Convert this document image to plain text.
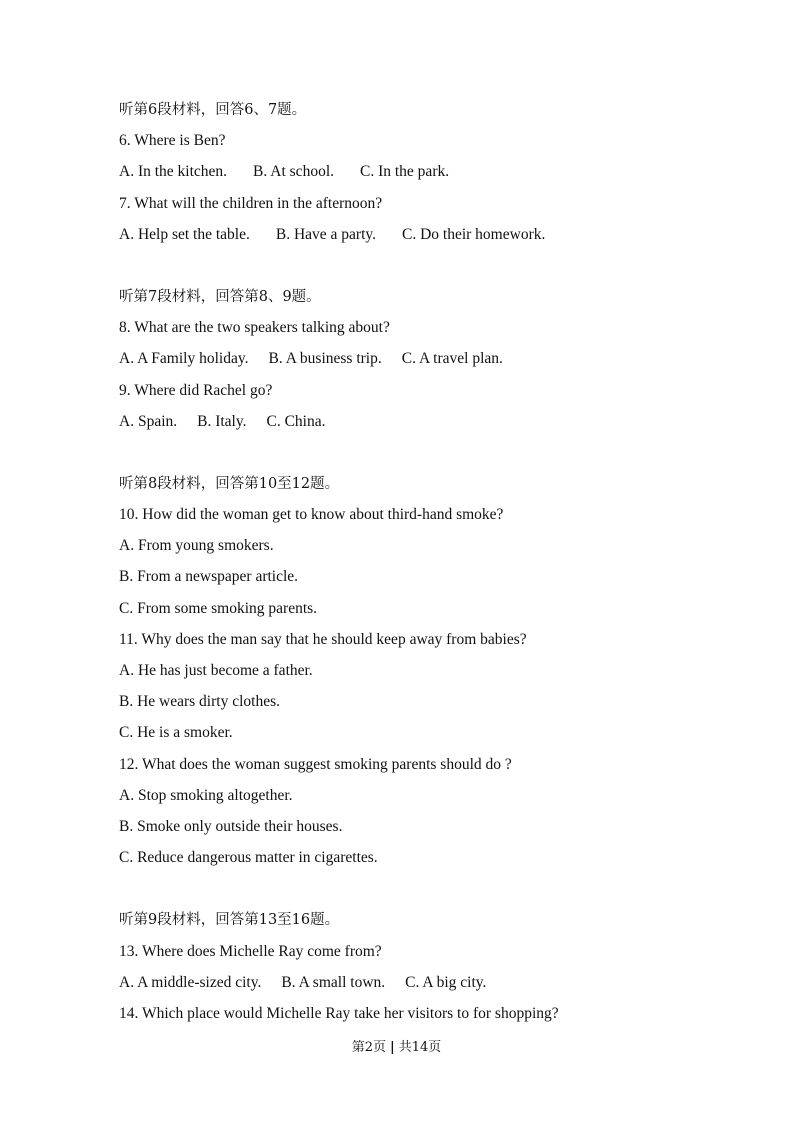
听第6段材料，回答6、7题。
6. Where is Ben?
A. In the kitchen. B. At school. C. In the park.
7. What will the children in the afternoon?
A. Help set the table. B. Have a party. C. Do their homework.
听第7段材料，回答第8、9题。
8. What are the two speakers talking about?
A. A Family holiday. B. A business trip. C. A travel plan.
9. Where did Rachel go?
A. Spain. B. Italy. C. China.
听第8段材料，回答第10至12题。
10. How did the woman get to know about third-hand smoke?
A. From young smokers.
B. From a newspaper article.
C. From some smoking parents.
11. Why does the man say that he should keep away from babies?
A. He has just become a father.
B. He wears dirty clothes.
C. He is a smoker.
12. What does the woman suggest smoking parents should do ?
A. Stop smoking altogether.
B. Smoke only outside their houses.
C. Reduce dangerous matter in cigarettes.
听第9段材料，回答第13至16题。
13. Where does Michelle Ray come from?
A. A middle-sized city. B. A small town. C. A big city.
14. Which place would Michelle Ray take her visitors to for shopping?
第2页 | 共14页
